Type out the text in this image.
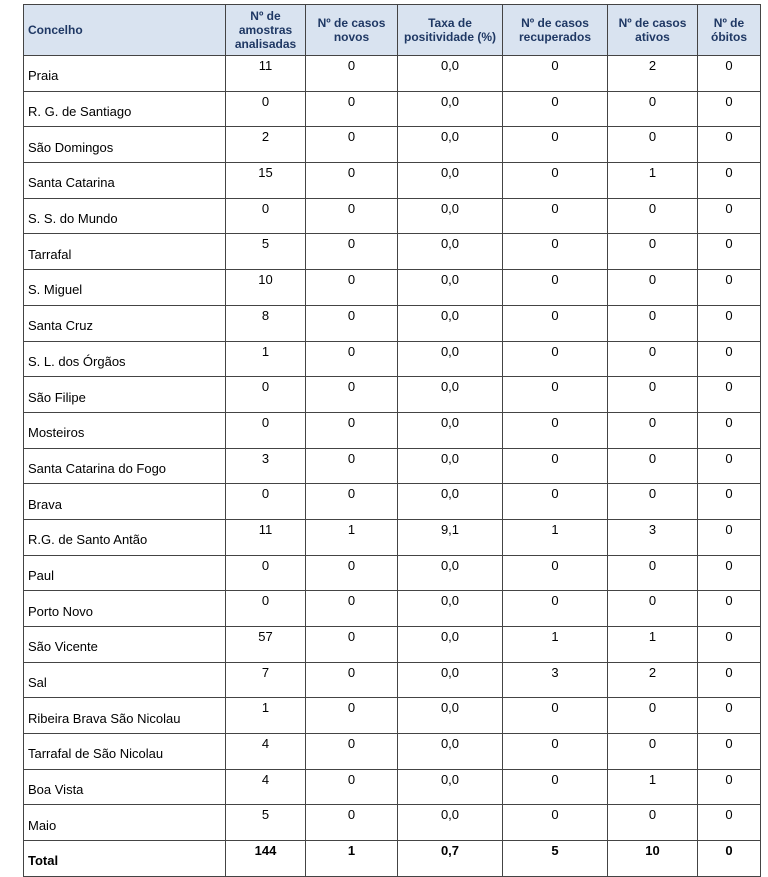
Concelho	Nº de amostras analisadas	Nº de casos novos	Taxa de positividade (%)	Nº de casos recuperados	Nº de casos ativos	Nº de óbitos
Praia	11	0	0,0	0	2	0
R. G. de Santiago	0	0	0,0	0	0	0
São Domingos	2	0	0,0	0	0	0
Santa Catarina	15	0	0,0	0	1	0
S. S. do Mundo	0	0	0,0	0	0	0
Tarrafal	5	0	0,0	0	0	0
S. Miguel	10	0	0,0	0	0	0
Santa Cruz	8	0	0,0	0	0	0
S. L. dos Órgãos	1	0	0,0	0	0	0
São Filipe	0	0	0,0	0	0	0
Mosteiros	0	0	0,0	0	0	0
Santa Catarina do Fogo	3	0	0,0	0	0	0
Brava	0	0	0,0	0	0	0
R.G. de Santo Antão	11	1	9,1	1	3	0
Paul	0	0	0,0	0	0	0
Porto Novo	0	0	0,0	0	0	0
São Vicente	57	0	0,0	1	1	0
Sal	7	0	0,0	3	2	0
Ribeira Brava São Nicolau	1	0	0,0	0	0	0
Tarrafal de São Nicolau	4	0	0,0	0	0	0
Boa Vista	4	0	0,0	0	1	0
Maio	5	0	0,0	0	0	0
Total	144	1	0,7	5	10	0
